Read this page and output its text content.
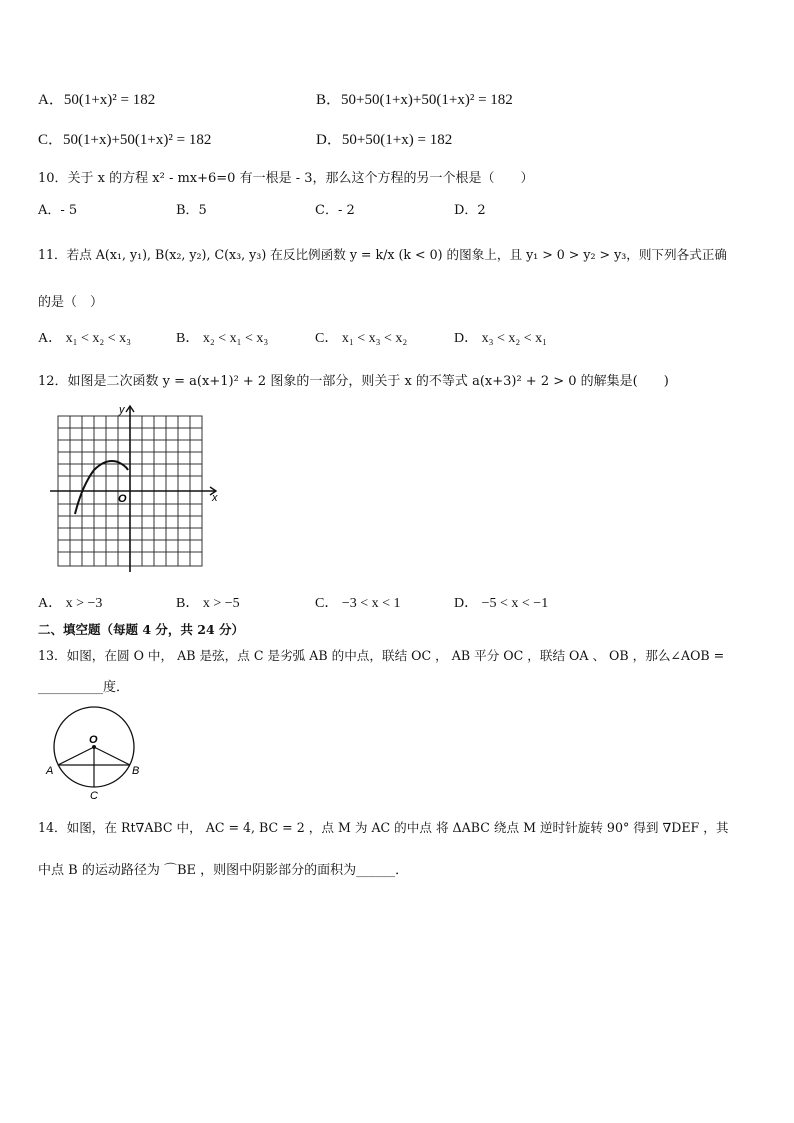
A．50(1+x)² = 182	B．50+50(1+x)+50(1+x)² = 182
C．50(1+x)+50(1+x)² = 182	D．50+50(1+x) = 182
10．关于 x 的方程 x² - mx+6=0 有一根是 - 3，那么这个方程的另一个根是（　　）
A．- 5	B．5	C．- 2	D．2
11．若点 A(x₁, y₁), B(x₂, y₂), C(x₃, y₃) 在反比例函数 y = k/x (k < 0) 的图象上，且 y₁ > 0 > y₂ > y₃，则下列各式正确
的是（　）
A． x₁ < x₂ < x₃	B． x₂ < x₁ < x₃	C． x₁ < x₃ < x₂	D． x₃ < x₂ < x₁
12．如图是二次函数 y = a(x+1)² + 2 图象的一部分，则关于 x 的不等式 a(x+3)² + 2 > 0 的解集是(　　)
x
y
O
A． x > −3	B． x > −5	C． −3 < x < 1	D． −5 < x < −1
二、填空题（每题 4 分，共 24 分）
13．如图，在圆 O 中， AB 是弦，点 C 是劣弧 AB 的中点，联结 OC ， AB 平分 OC ，联结 OA 、 OB ，那么∠AOB =
__________度．
O
A	B
C
14．如图，在 Rt∇ABC 中， AC = 4, BC = 2 ，点 M 为 AC 的中点 将 ΔABC 绕点 M 逆时针旋转 90° 得到 ∇DEF ，其
中点 B 的运动路径为 ⌒BE ，则图中阴影部分的面积为______．
